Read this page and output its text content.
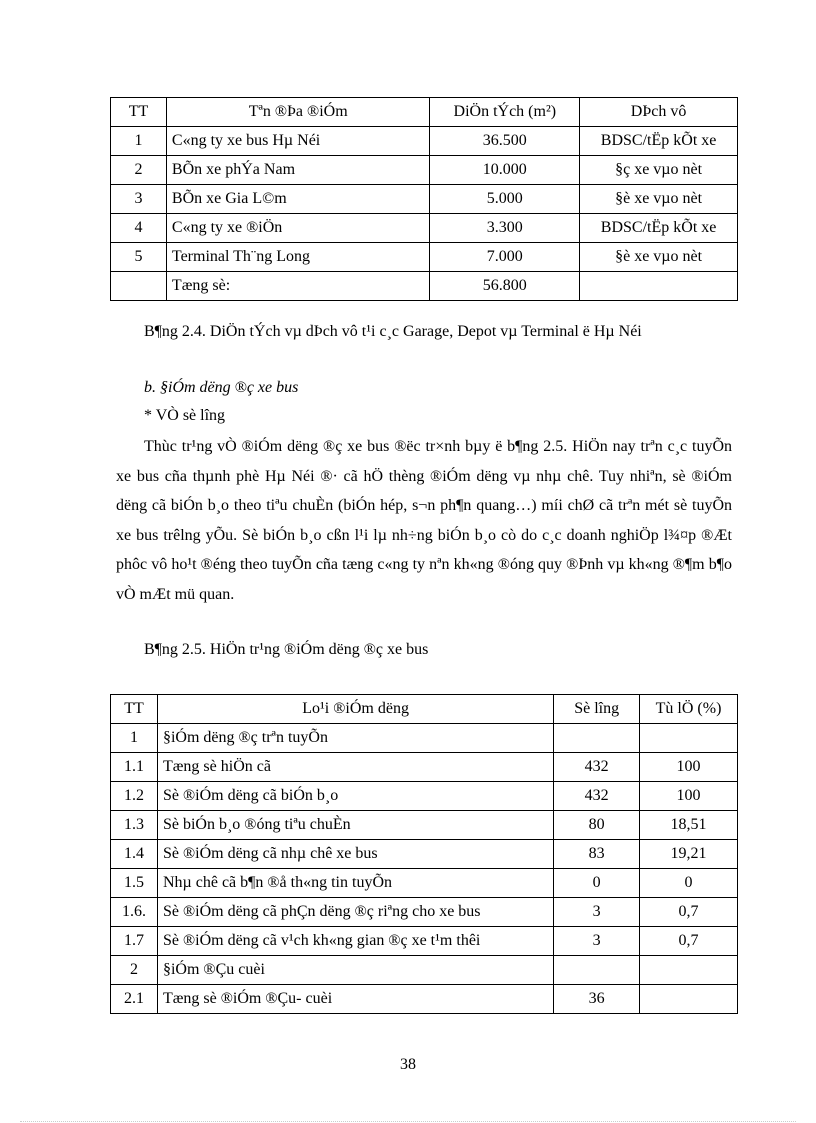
TT	Tªn ®Þa ®iÓm	DiÖn tÝch (m²)	DÞch vô
1	C«ng ty xe bus Hµ Néi	36.500	BDSC/tËp kÕt xe
2	BÕn xe phÝa Nam	10.000	§ç xe vµo nèt
3	BÕn xe Gia L©m	5.000	§è xe vµo nèt
4	C«ng ty xe ®iÖn	3.300	BDSC/tËp kÕt xe
5	Terminal Th¨ng Long	7.000	§è xe vµo nèt
	Tæng sè:	56.800	
B¶ng 2.4. DiÖn tÝch vµ dÞch vô t¹i c¸c Garage, Depot vµ Terminal ë Hµ Néi
b. §iÓm dëng ®ç xe bus
* VÒ sè lîng
Thùc tr¹ng vÒ ®iÓm dëng ®ç xe bus ®ëc tr×nh bµy ë b¶ng 2.5. HiÖn nay trªn c¸c tuyÕn xe bus cña thµnh phè Hµ Néi ®· cã hÖ thèng ®iÓm dëng vµ nhµ chê. Tuy nhiªn, sè ®iÓm dëng cã biÓn b¸o theo tiªu chuÈn (biÓn hép, s¬n ph¶n quang…) míi chØ cã trªn mét sè tuyÕn xe bus trêlng yÕu. Sè biÓn b¸o cßn l¹i lµ nh÷ng biÓn b¸o cò do c¸c doanh nghiÖp l¾¤p ®Æt phôc vô ho¹t ®éng theo tuyÕn cña tæng c«ng ty nªn kh«ng ®óng quy ®Þnh vµ kh«ng ®¶m b¶o vÒ mÆt mü quan.
B¶ng 2.5. HiÖn tr¹ng ®iÓm dëng ®ç xe bus
TT	Lo¹i ®iÓm dëng	Sè lîng	Tù lÖ (%)
1	§iÓm dëng ®ç trªn tuyÕn		
1.1	Tæng sè hiÖn cã	432	100
1.2	Sè ®iÓm dëng cã biÓn b¸o	432	100
1.3	Sè biÓn b¸o ®óng tiªu chuÈn	80	18,51
1.4	Sè ®iÓm dëng cã nhµ chê xe bus	83	19,21
1.5	Nhµ chê cã b¶n ®å th«ng tin tuyÕn	0	0
1.6.	Sè ®iÓm dëng cã phÇn dëng ®ç riªng cho xe bus	3	0,7
1.7	Sè ®iÓm dëng cã v¹ch kh«ng gian ®ç xe t¹m thêi	3	0,7
2	§iÓm ®Çu cuèi		
2.1	Tæng sè ®iÓm ®Çu- cuèi	36	
38
